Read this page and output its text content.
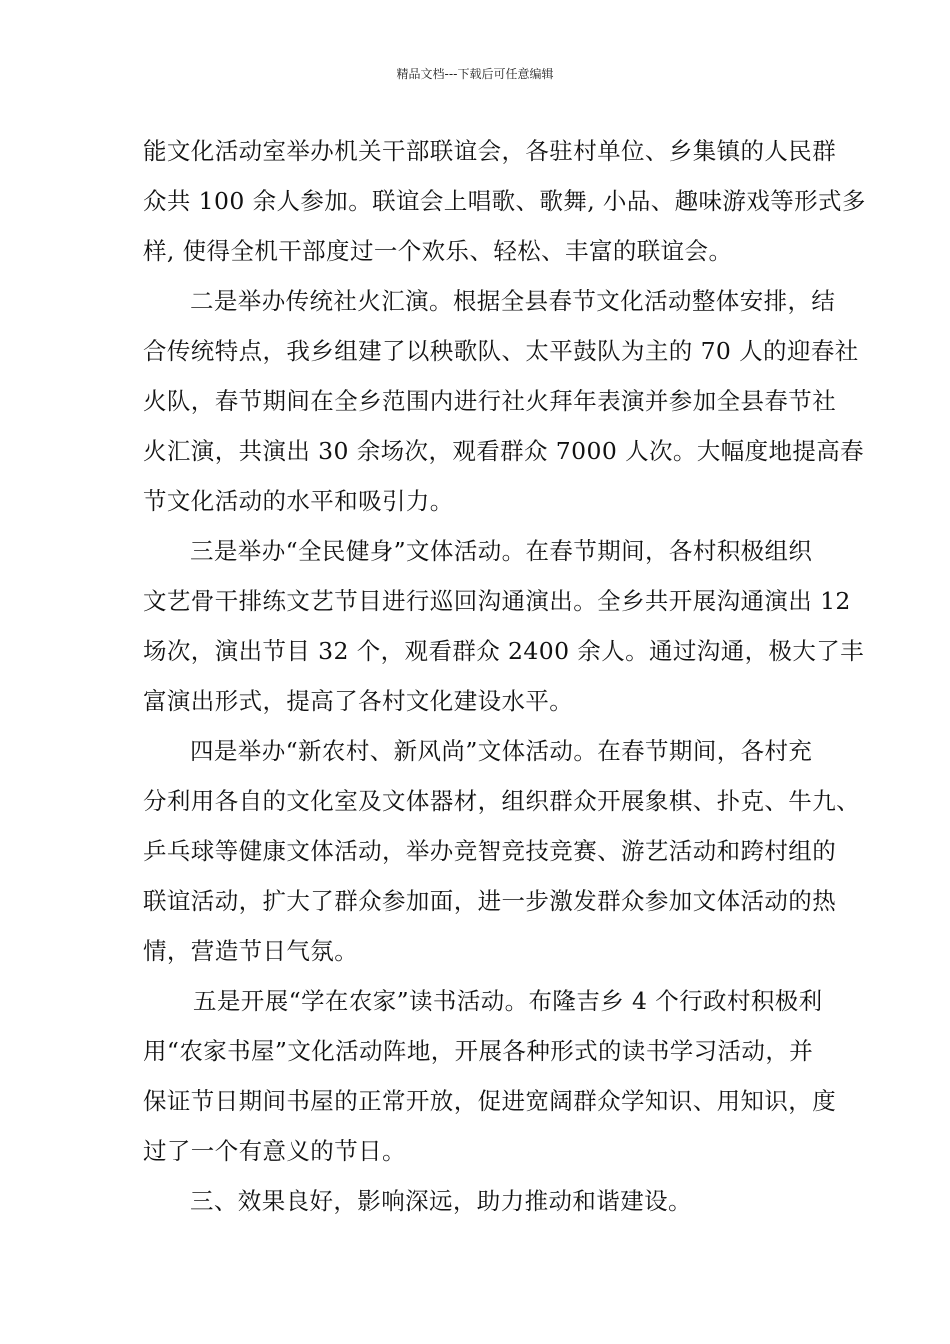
精品文档---下载后可任意编辑
能文化活动室举办机关干部联谊会，各驻村单位、乡集镇的人民群
众共 100 余人参加。联谊会上唱歌、歌舞, 小品、趣味游戏等形式多
样, 使得全机干部度过一个欢乐、轻松、丰富的联谊会。
二是举办传统社火汇演。根据全县春节文化活动整体安排，结
合传统特点，我乡组建了以秧歌队、太平鼓队为主的 70 人的迎春社
火队，春节期间在全乡范围内进行社火拜年表演并参加全县春节社
火汇演，共演出 30 余场次，观看群众 7000 人次。大幅度地提高春
节文化活动的水平和吸引力。
三是举办“全民健身”文体活动。在春节期间，各村积极组织
文艺骨干排练文艺节目进行巡回沟通演出。全乡共开展沟通演出 12
场次，演出节目 32 个，观看群众 2400 余人。通过沟通，极大了丰
富演出形式，提高了各村文化建设水平。
四是举办“新农村、新风尚”文体活动。在春节期间，各村充
分利用各自的文化室及文体器材，组织群众开展象棋、扑克、牛九、
乒乓球等健康文体活动，举办竞智竞技竞赛、游艺活动和跨村组的
联谊活动，扩大了群众参加面，进一步激发群众参加文体活动的热
情，营造节日气氛。
五是开展“学在农家”读书活动。布隆吉乡 4 个行政村积极利
用“农家书屋”文化活动阵地，开展各种形式的读书学习活动，并
保证节日期间书屋的正常开放，促进宽阔群众学知识、用知识，度
过了一个有意义的节日。
三、效果良好，影响深远，助力推动和谐建设。
